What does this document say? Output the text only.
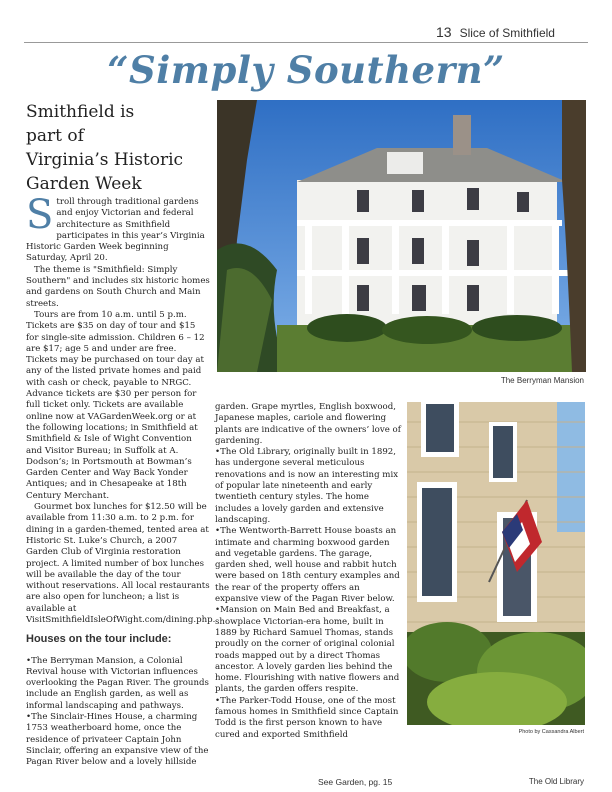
13 Slice of Smithfield
“Simply Southern”
Smithfield is
part of
Virginia’s Historic
Garden Week

Stroll through traditional gardens and enjoy Victorian and federal architecture as Smithfield participates in this year’s Virginia Historic Garden Week beginning Saturday, April 20.

The theme is "Smithfield: Simply Southern" and includes six historic homes and gardens on South Church and Main streets.

Tours are from 10 a.m. until 5 p.m. Tickets are $35 on day of tour and $15 for single-site admission. Children 6 – 12 are $17; age 5 and under are free. Tickets may be purchased on tour day at any of the listed private homes and paid with cash or check, payable to NRGC. Advance tickets are $30 per person for full ticket only. Tickets are available online now at VAGardenWeek.org or at the following locations; in Smithfield at Smithfield & Isle of Wight Convention and Visitor Bureau; in Suffolk at A. Dodson’s; in Portsmouth at Bowman’s Garden Center and Way Back Yonder Antiques; and in Chesapeake at 18th Century Merchant.

Gourmet box lunches for $12.50 will be available from 11:30 a.m. to 2 p.m. for dining in a garden-themed, tented area at Historic St. Luke’s Church, a 2007 Garden Club of Virginia restoration project. A limited number of box lunches will be available the day of the tour without reservations. All local restaurants are also open for luncheon; a list is available at VisitSmithfieldIsleOfWight.com/dining.php.

Houses on the tour include:

•The Berryman Mansion, a Colonial Revival house with Victorian influences overlooking the Pagan River. The grounds include an English garden, as well as informal landscaping and pathways.

•The Sinclair-Hines House, a charming 1753 weatherboard home, once the residence of privateer Captain John Sinclair, offering an expansive view of the Pagan River below and a lovely hillside

The Berryman Mansion

garden. Grape myrtles, English boxwood, Japanese maples, cariole and flowering plants are indicative of the owners’ love of gardening.

•The Old Library, originally built in 1892, has undergone several meticulous renovations and is now an interesting mix of popular late nineteenth and early twentieth century styles. The home includes a lovely garden and extensive landscaping.

•The Wentworth-Barrett House boasts an intimate and charming boxwood garden and vegetable gardens. The garage, garden shed, well house and rabbit hutch were based on 18th century examples and the rear of the property offers an expansive view of the Pagan River below.

•Mansion on Main Bed and Breakfast, a showplace Victorian-era home, built in 1889 by Richard Samuel Thomas, stands proudly on the corner of original colonial roads mapped out by a direct Thomas ancestor. A lovely garden lies behind the home. Flourishing with native flowers and plants, the garden offers respite.

•The Parker-Todd House, one of the most famous homes in Smithfield since Captain Todd is the first person known to have cured and exported Smithfield

See Garden, pg. 15
Photo by Cassandra Albert
The Old Library
